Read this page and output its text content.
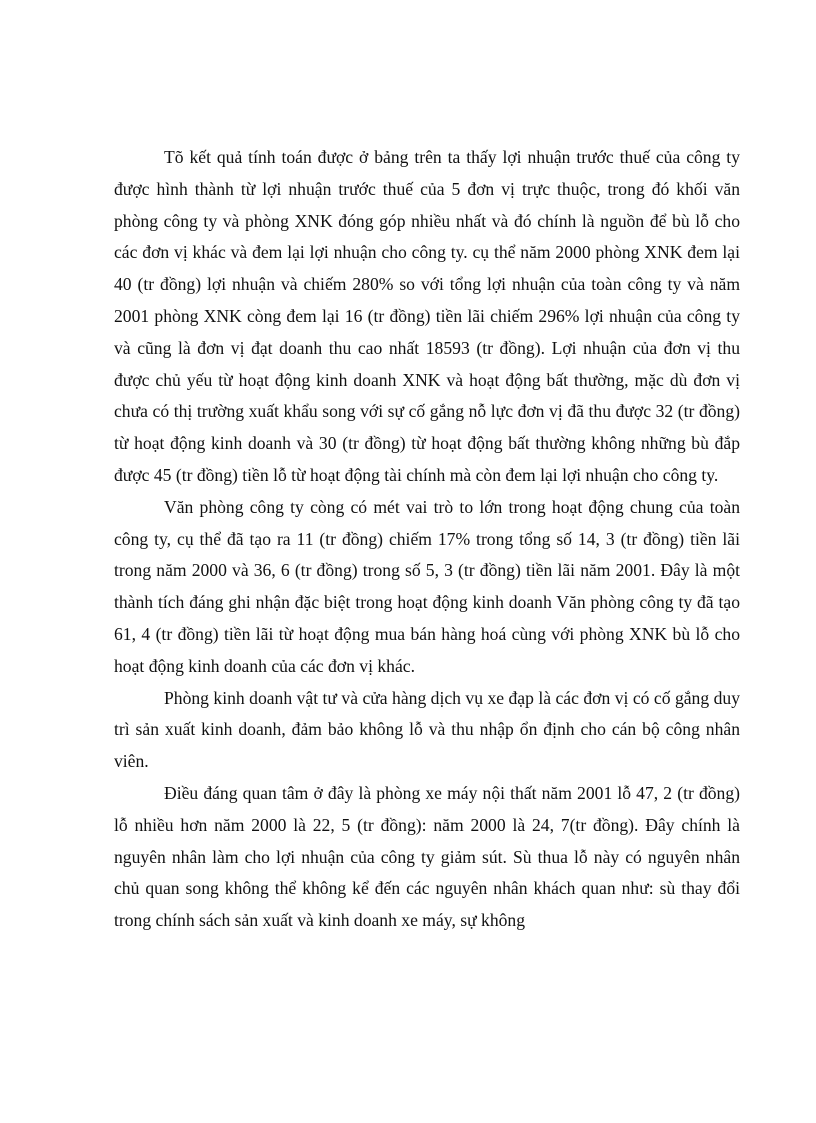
Tõ kết quả tính toán được ở bảng trên ta thấy lợi nhuận trước thuế của công ty được hình thành từ lợi nhuận trước thuế của 5 đơn vị trực thuộc, trong đó khối văn phòng công ty và phòng XNK đóng góp nhiều nhất và đó chính là nguồn để bù lỗ cho các đơn vị khác và đem lại lợi nhuận cho công ty. cụ thể năm 2000 phòng XNK đem lại 40 (tr đồng) lợi nhuận và chiếm 280% so với tổng lợi nhuận của toàn công ty và năm 2001 phòng XNK còng đem lại 16 (tr đồng) tiền lãi chiếm 296% lợi nhuận của công ty và cũng là đơn vị đạt doanh thu cao nhất 18593 (tr đồng). Lợi nhuận của đơn vị thu được chủ yếu từ hoạt động kinh doanh XNK và hoạt động bất thường, mặc dù đơn vị chưa có thị trường xuất khẩu song với sự cố gắng nỗ lực đơn vị đã thu được 32 (tr đồng) từ hoạt động kinh doanh và 30 (tr đồng) từ hoạt động bất thường không những bù đắp được 45 (tr đồng) tiền lỗ từ hoạt động tài chính mà còn đem lại lợi nhuận cho công ty.

Văn phòng công ty còng có mét vai trò to lớn trong hoạt động chung của toàn công ty, cụ thể đã tạo ra 11 (tr đồng) chiếm 17% trong tổng số 14, 3 (tr đồng) tiền lãi trong năm 2000 và 36, 6 (tr đồng) trong số 5, 3 (tr đồng) tiền lãi năm 2001. Đây là một thành tích đáng ghi nhận đặc biệt trong hoạt động kinh doanh Văn phòng công ty đã tạo 61, 4 (tr đồng) tiền lãi từ hoạt động mua bán hàng hoá cùng với phòng XNK bù lỗ cho hoạt động kinh doanh của các đơn vị khác.

Phòng kinh doanh vật tư và cửa hàng dịch vụ xe đạp là các đơn vị có cố gắng duy trì sản xuất kinh doanh, đảm bảo không lỗ và thu nhập ổn định cho cán bộ công nhân viên.

Điều đáng quan tâm ở đây là phòng xe máy nội thất năm 2001 lỗ 47, 2 (tr đồng) lỗ nhiều hơn năm 2000 là 22, 5 (tr đồng): năm 2000 là 24, 7(tr đồng). Đây chính là nguyên nhân làm cho lợi nhuận của công ty giảm sút. Sù thua lỗ này có nguyên nhân chủ quan song không thể không kể đến các nguyên nhân khách quan như: sù thay đổi trong chính sách sản xuất và kinh doanh xe máy, sự không
